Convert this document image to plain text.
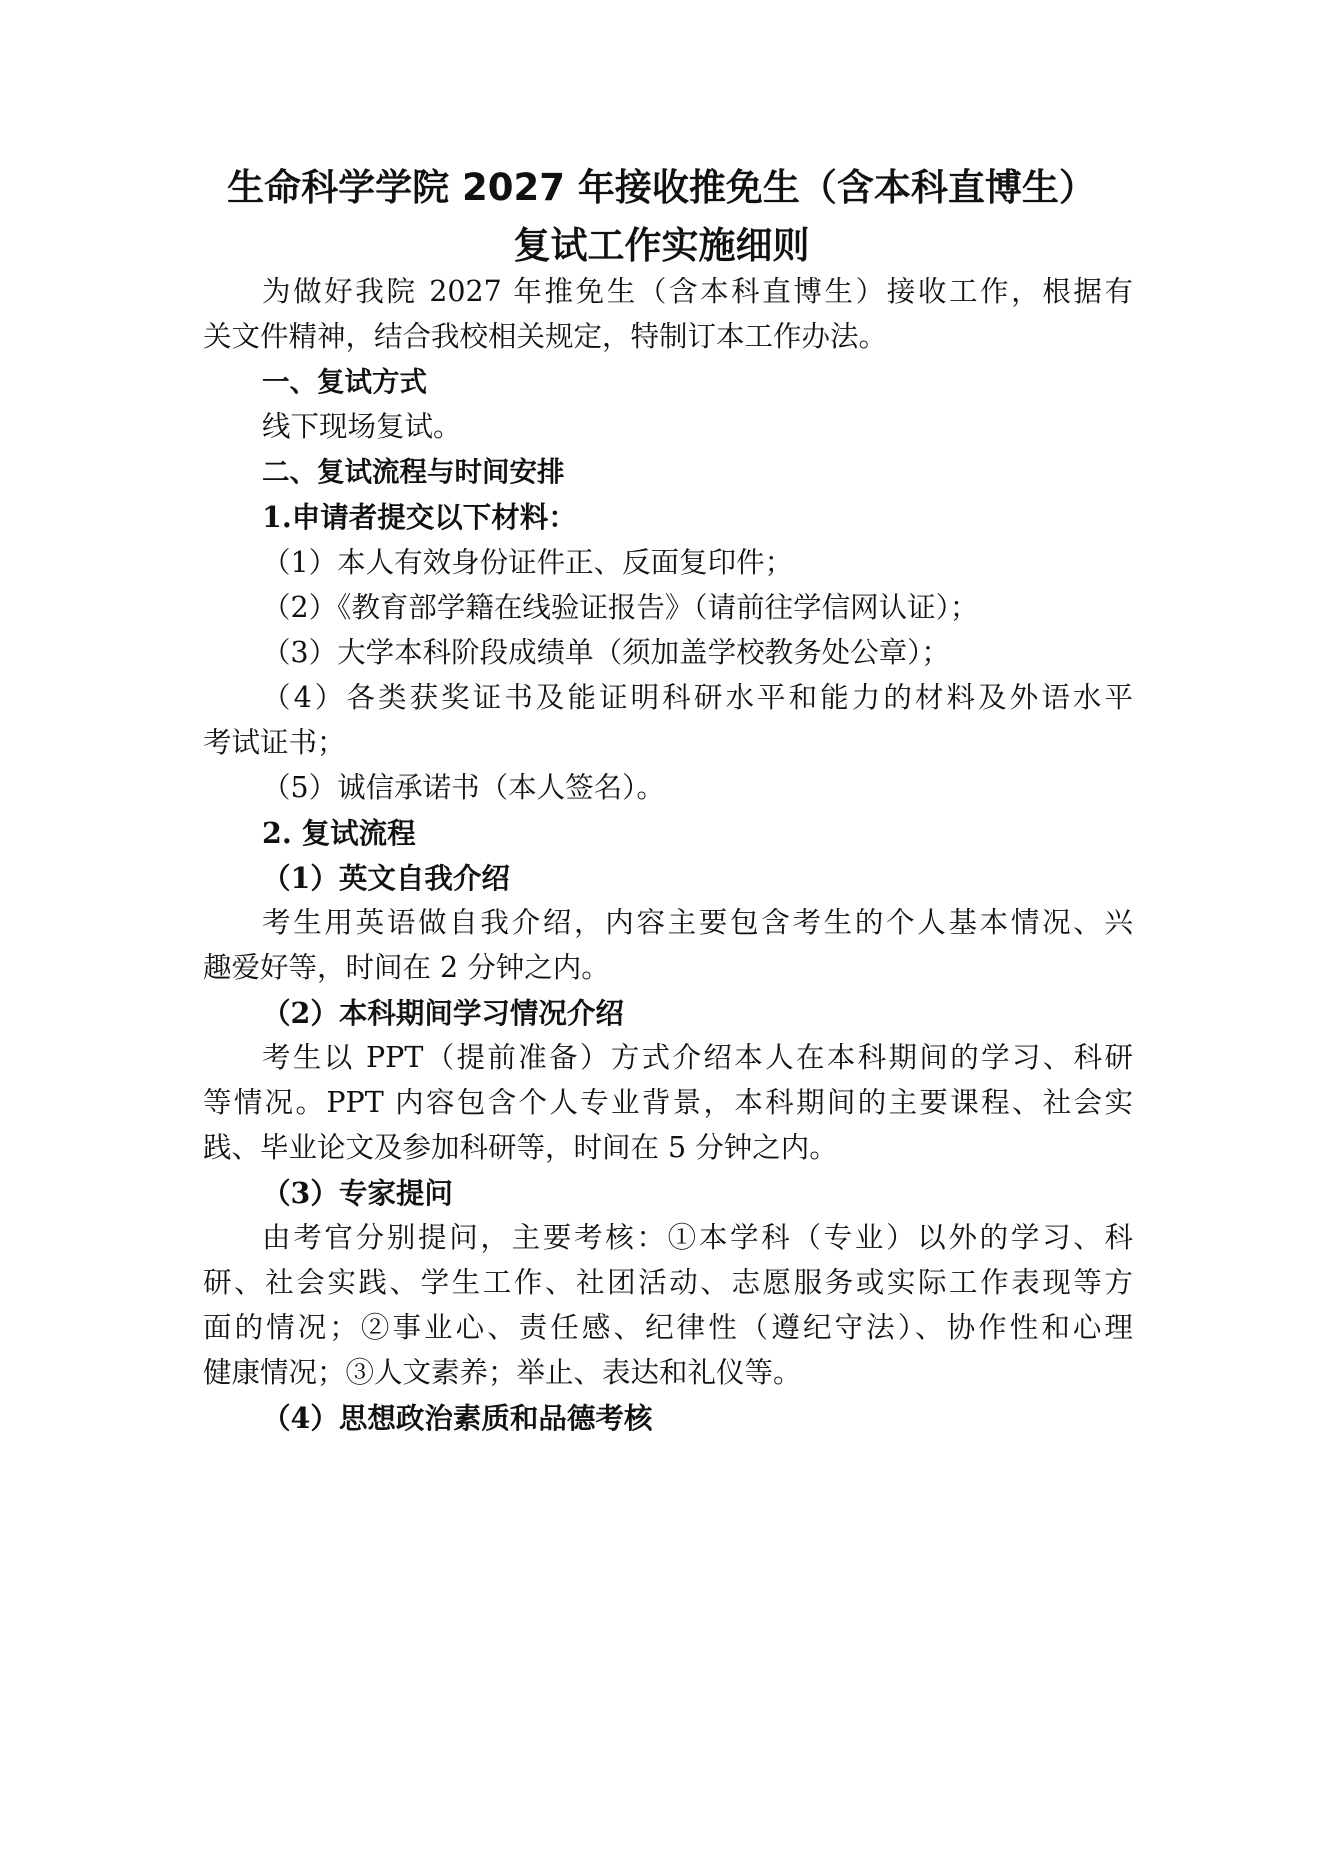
生命科学学院 2027 年接收推免生（含本科直博生）
复试工作实施细则

为做好我院 2027 年推免生（含本科直博生）接收工作，根据有

关文件精神，结合我校相关规定，特制订本工作办法。

一、复试方式

线下现场复试。

二、复试流程与时间安排

1.申请者提交以下材料：

（1）本人有效身份证件正、反面复印件；

（2）《教育部学籍在线验证报告》（请前往学信网认证）；

（3）大学本科阶段成绩单（须加盖学校教务处公章）；

（4）各类获奖证书及能证明科研水平和能力的材料及外语水平

考试证书；

（5）诚信承诺书（本人签名）。

2. 复试流程

（1）英文自我介绍

考生用英语做自我介绍，内容主要包含考生的个人基本情况、兴

趣爱好等，时间在 2 分钟之内。

（2）本科期间学习情况介绍

考生以 PPT（提前准备）方式介绍本人在本科期间的学习、科研

等情况。PPT 内容包含个人专业背景，本科期间的主要课程、社会实

践、毕业论文及参加科研等，时间在 5 分钟之内。

（3）专家提问

由考官分别提问，主要考核：①本学科（专业）以外的学习、科

研、社会实践、学生工作、社团活动、志愿服务或实际工作表现等方

面的情况；②事业心、责任感、纪律性（遵纪守法）、协作性和心理

健康情况；③人文素养；举止、表达和礼仪等。

（4）思想政治素质和品德考核
